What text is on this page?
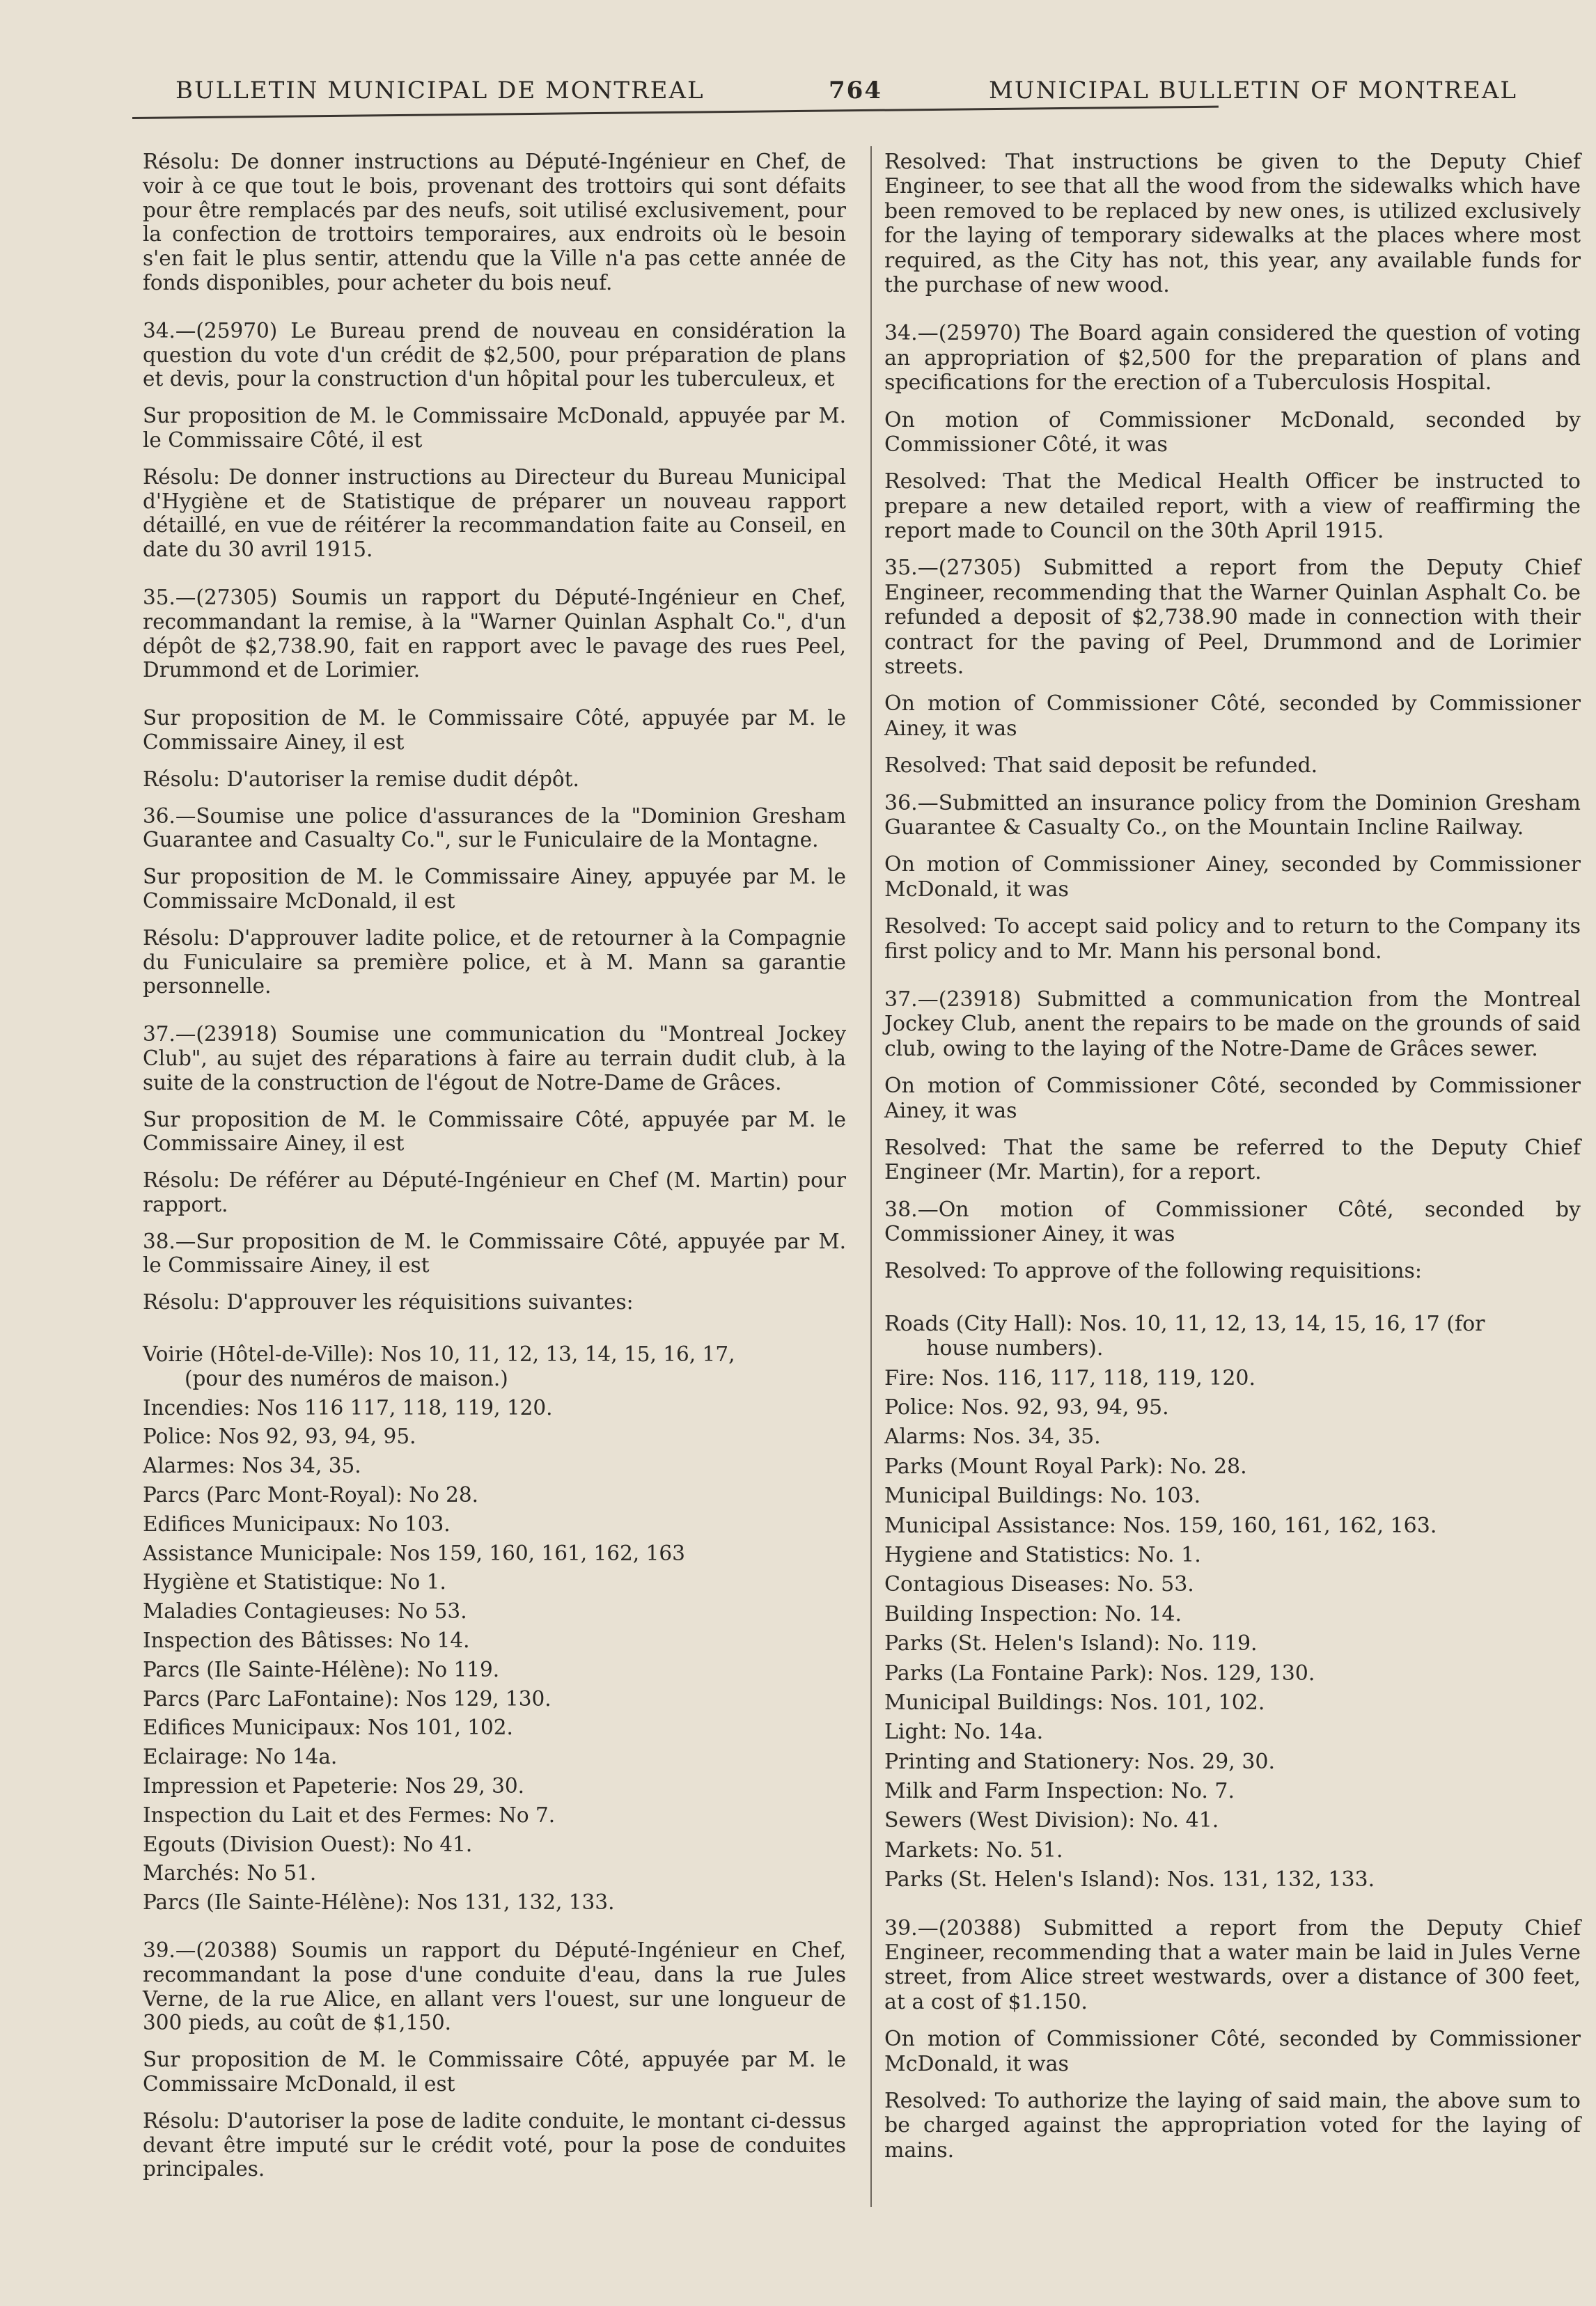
BULLETIN MUNICIPAL DE MONTREAL	764	MUNICIPAL BULLETIN OF MONTREAL

Résolu: De donner instructions au Député-Ingénieur en Chef, de voir à ce que tout le bois, provenant des trottoirs qui sont défaits pour être remplacés par des neufs, soit utilisé exclusivement, pour la confection de trottoirs temporaires, aux endroits où le besoin s'en fait le plus sentir, attendu que la Ville n'a pas cette année de fonds disponibles, pour acheter du bois neuf.

34.—(25970) Le Bureau prend de nouveau en considération la question du vote d'un crédit de $2,500, pour préparation de plans et devis, pour la construction d'un hôpital pour les tuberculeux, et

Sur proposition de M. le Commissaire McDonald, appuyée par M. le Commissaire Côté, il est

Résolu: De donner instructions au Directeur du Bureau Municipal d'Hygiène et de Statistique de préparer un nouveau rapport détaillé, en vue de réitérer la recommandation faite au Conseil, en date du 30 avril 1915.

35.—(27305) Soumis un rapport du Député-Ingénieur en Chef, recommandant la remise, à la "Warner Quinlan Asphalt Co.", d'un dépôt de $2,738.90, fait en rapport avec le pavage des rues Peel, Drummond et de Lorimier.

Sur proposition de M. le Commissaire Côté, appuyée par M. le Commissaire Ainey, il est

Résolu: D'autoriser la remise dudit dépôt.

36.—Soumise une police d'assurances de la "Dominion Gresham Guarantee and Casualty Co.", sur le Funiculaire de la Montagne.

Sur proposition de M. le Commissaire Ainey, appuyée par M. le Commissaire McDonald, il est

Résolu: D'approuver ladite police, et de retourner à la Compagnie du Funiculaire sa première police, et à M. Mann sa garantie personnelle.

37.—(23918) Soumise une communication du "Montreal Jockey Club", au sujet des réparations à faire au terrain dudit club, à la suite de la construction de l'égout de Notre-Dame de Grâces.

Sur proposition de M. le Commissaire Côté, appuyée par M. le Commissaire Ainey, il est

Résolu: De référer au Député-Ingénieur en Chef (M. Martin) pour rapport.

38.—Sur proposition de M. le Commissaire Côté, appuyée par M. le Commissaire Ainey, il est

Résolu: D'approuver les réquisitions suivantes:

Voirie (Hôtel-de-Ville): Nos 10, 11, 12, 13, 14, 15, 16, 17,
(pour des numéros de maison.)
Incendies: Nos 116 117, 118, 119, 120.
Police: Nos 92, 93, 94, 95.
Alarmes: Nos 34, 35.
Parcs (Parc Mont-Royal): No 28.
Edifices Municipaux: No 103.
Assistance Municipale: Nos 159, 160, 161, 162, 163
Hygiène et Statistique: No 1.
Maladies Contagieuses: No 53.
Inspection des Bâtisses: No 14.
Parcs (Ile Sainte-Hélène): No 119.
Parcs (Parc LaFontaine): Nos 129, 130.
Edifices Municipaux: Nos 101, 102.
Eclairage: No 14a.
Impression et Papeterie: Nos 29, 30.
Inspection du Lait et des Fermes: No 7.
Egouts (Division Ouest): No 41.
Marchés: No 51.
Parcs (Ile Sainte-Hélène): Nos 131, 132, 133.

39.—(20388) Soumis un rapport du Député-Ingénieur en Chef, recommandant la pose d'une conduite d'eau, dans la rue Jules Verne, de la rue Alice, en allant vers l'ouest, sur une longueur de 300 pieds, au coût de $1,150.

Sur proposition de M. le Commissaire Côté, appuyée par M. le Commissaire McDonald, il est

Résolu: D'autoriser la pose de ladite conduite, le montant ci-dessus devant être imputé sur le crédit voté, pour la pose de conduites principales.

Resolved: That instructions be given to the Deputy Chief Engineer, to see that all the wood from the sidewalks which have been removed to be replaced by new ones, is utilized exclusively for the laying of temporary sidewalks at the places where most required, as the City has not, this year, any available funds for the purchase of new wood.

34.—(25970) The Board again considered the question of voting an appropriation of $2,500 for the preparation of plans and specifications for the erection of a Tuberculosis Hospital.

On motion of Commissioner McDonald, seconded by Commissioner Côté, it was

Resolved: That the Medical Health Officer be instructed to prepare a new detailed report, with a view of reaffirming the report made to Council on the 30th April 1915.

35.—(27305) Submitted a report from the Deputy Chief Engineer, recommending that the Warner Quinlan Asphalt Co. be refunded a deposit of $2,738.90 made in connection with their contract for the paving of Peel, Drummond and de Lorimier streets.

On motion of Commissioner Côté, seconded by Commissioner Ainey, it was

Resolved: That said deposit be refunded.

36.—Submitted an insurance policy from the Dominion Gresham Guarantee & Casualty Co., on the Mountain Incline Railway.

On motion of Commissioner Ainey, seconded by Commissioner McDonald, it was

Resolved: To accept said policy and to return to the Company its first policy and to Mr. Mann his personal bond.

37.—(23918) Submitted a communication from the Montreal Jockey Club, anent the repairs to be made on the grounds of said club, owing to the laying of the Notre-Dame de Grâces sewer.

On motion of Commissioner Côté, seconded by Commissioner Ainey, it was

Resolved: That the same be referred to the Deputy Chief Engineer (Mr. Martin), for a report.

38.—On motion of Commissioner Côté, seconded by Commissioner Ainey, it was

Resolved: To approve of the following requisitions:

Roads (City Hall): Nos. 10, 11, 12, 13, 14, 15, 16, 17 (for
house numbers).
Fire: Nos. 116, 117, 118, 119, 120.
Police: Nos. 92, 93, 94, 95.
Alarms: Nos. 34, 35.
Parks (Mount Royal Park): No. 28.
Municipal Buildings: No. 103.
Municipal Assistance: Nos. 159, 160, 161, 162, 163.
Hygiene and Statistics: No. 1.
Contagious Diseases: No. 53.
Building Inspection: No. 14.
Parks (St. Helen's Island): No. 119.
Parks (La Fontaine Park): Nos. 129, 130.
Municipal Buildings: Nos. 101, 102.
Light: No. 14a.
Printing and Stationery: Nos. 29, 30.
Milk and Farm Inspection: No. 7.
Sewers (West Division): No. 41.
Markets: No. 51.
Parks (St. Helen's Island): Nos. 131, 132, 133.

39.—(20388) Submitted a report from the Deputy Chief Engineer, recommending that a water main be laid in Jules Verne street, from Alice street westwards, over a distance of 300 feet, at a cost of $1.150.

On motion of Commissioner Côté, seconded by Commissioner McDonald, it was

Resolved: To authorize the laying of said main, the above sum to be charged against the appropriation voted for the laying of mains.
